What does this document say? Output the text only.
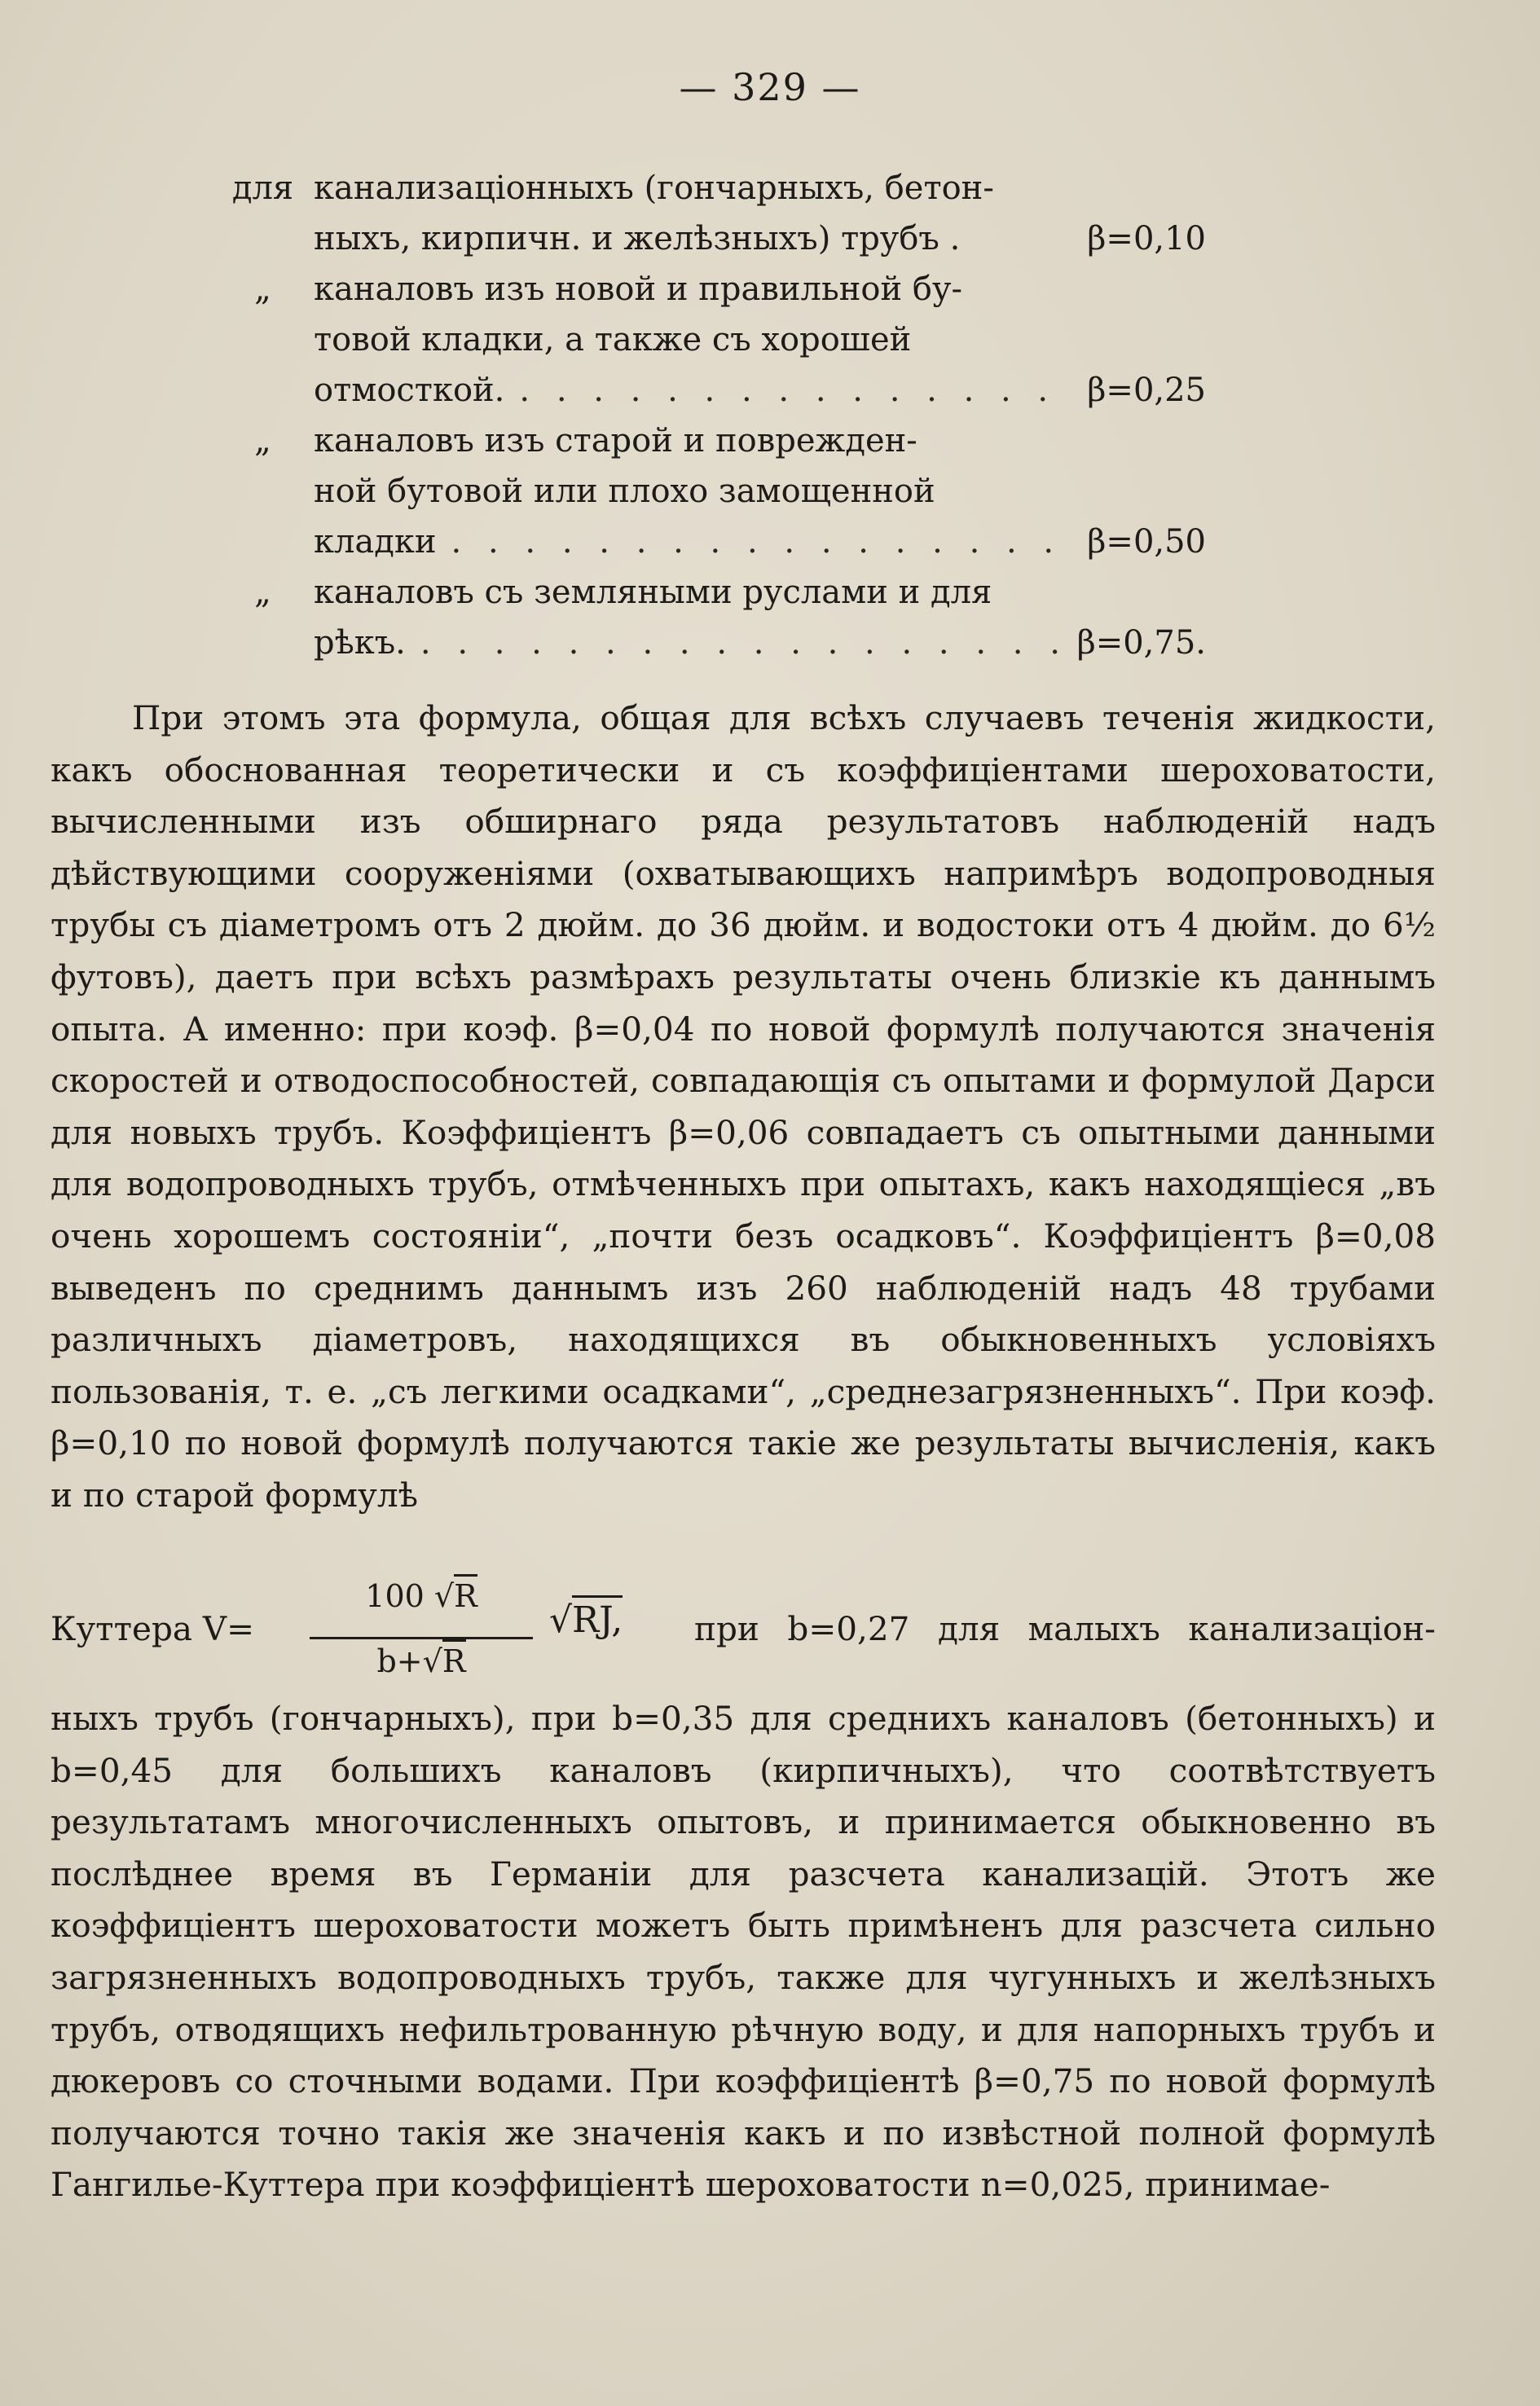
— 329 —
для канализаціонныхъ (гончарныхъ, бетон-
ныхъ, кирпичн. и желѣзныхъ) трубъ .	β=0,10
„	каналовъ изъ новой и правильной бу-
товой кладки, а также съ хорошей
отмосткой. . . .	β=0,25
„	каналовъ изъ старой и поврежден-
ной бутовой или плохо замощенной
кладки . . .	β=0,50
„	каналовъ съ земляными руслами и для
рѣкъ. . . .	β=0,75.

При этомъ эта формула, общая для всѣхъ случаевъ теченія жидкости, какъ обоснованная теоретически и съ коэффиціентами шероховатости, вычисленными изъ обширнаго ряда результатовъ наблюденій надъ дѣйствующими сооруженіями (охватывающихъ напримѣръ водопроводныя трубы съ діаметромъ отъ 2 дюйм. до 36 дюйм. и водостоки отъ 4 дюйм. до 6½ футовъ), даетъ при всѣхъ размѣрахъ результаты очень близкіе къ даннымъ опыта. А именно: при коэф. β=0,04 по новой формулѣ получаются значенія скоростей и отводоспособностей, совпадающія съ опытами и формулой Дарси для новыхъ трубъ. Коэффиціентъ β=0,06 совпадаетъ съ опытными данными для водопроводныхъ трубъ, отмѣченныхъ при опытахъ, какъ находящіеся „въ очень хорошемъ состояніи“, „почти безъ осадковъ“. Коэффиціентъ β=0,08 выведенъ по среднимъ даннымъ изъ 260 наблюденій надъ 48 трубами различныхъ діаметровъ, находящихся въ обыкновенныхъ условіяхъ пользованія, т. е. „съ легкими осадками“, „среднезагрязненныхъ“. При коэф. β=0,10 по новой формулѣ получаются такіе же результаты вычисленія, какъ и по старой формулѣ

Куттера V=
100 √R
b+√R
√RJ, при b=0,27 для малыхъ канализаціон-

ныхъ трубъ (гончарныхъ), при b=0,35 для среднихъ каналовъ (бетонныхъ) и b=0,45 для большихъ каналовъ (кирпичныхъ), что соотвѣтствуетъ результатамъ многочисленныхъ опытовъ, и принимается обыкновенно въ послѣднее время въ Германіи для разсчета канализацій. Этотъ же коэффиціентъ шероховатости можетъ быть примѣненъ для разсчета сильно загрязненныхъ водопроводныхъ трубъ, также для чугунныхъ и желѣзныхъ трубъ, отводящихъ нефильтрованную рѣчную воду, и для напорныхъ трубъ и дюкеровъ со сточными водами. При коэффиціентѣ β=0,75 по новой формулѣ получаются точно такія же значенія какъ и по извѣстной полной формулѣ Гангилье-Куттера при коэффиціентѣ шероховатости n=0,025, принимае-
